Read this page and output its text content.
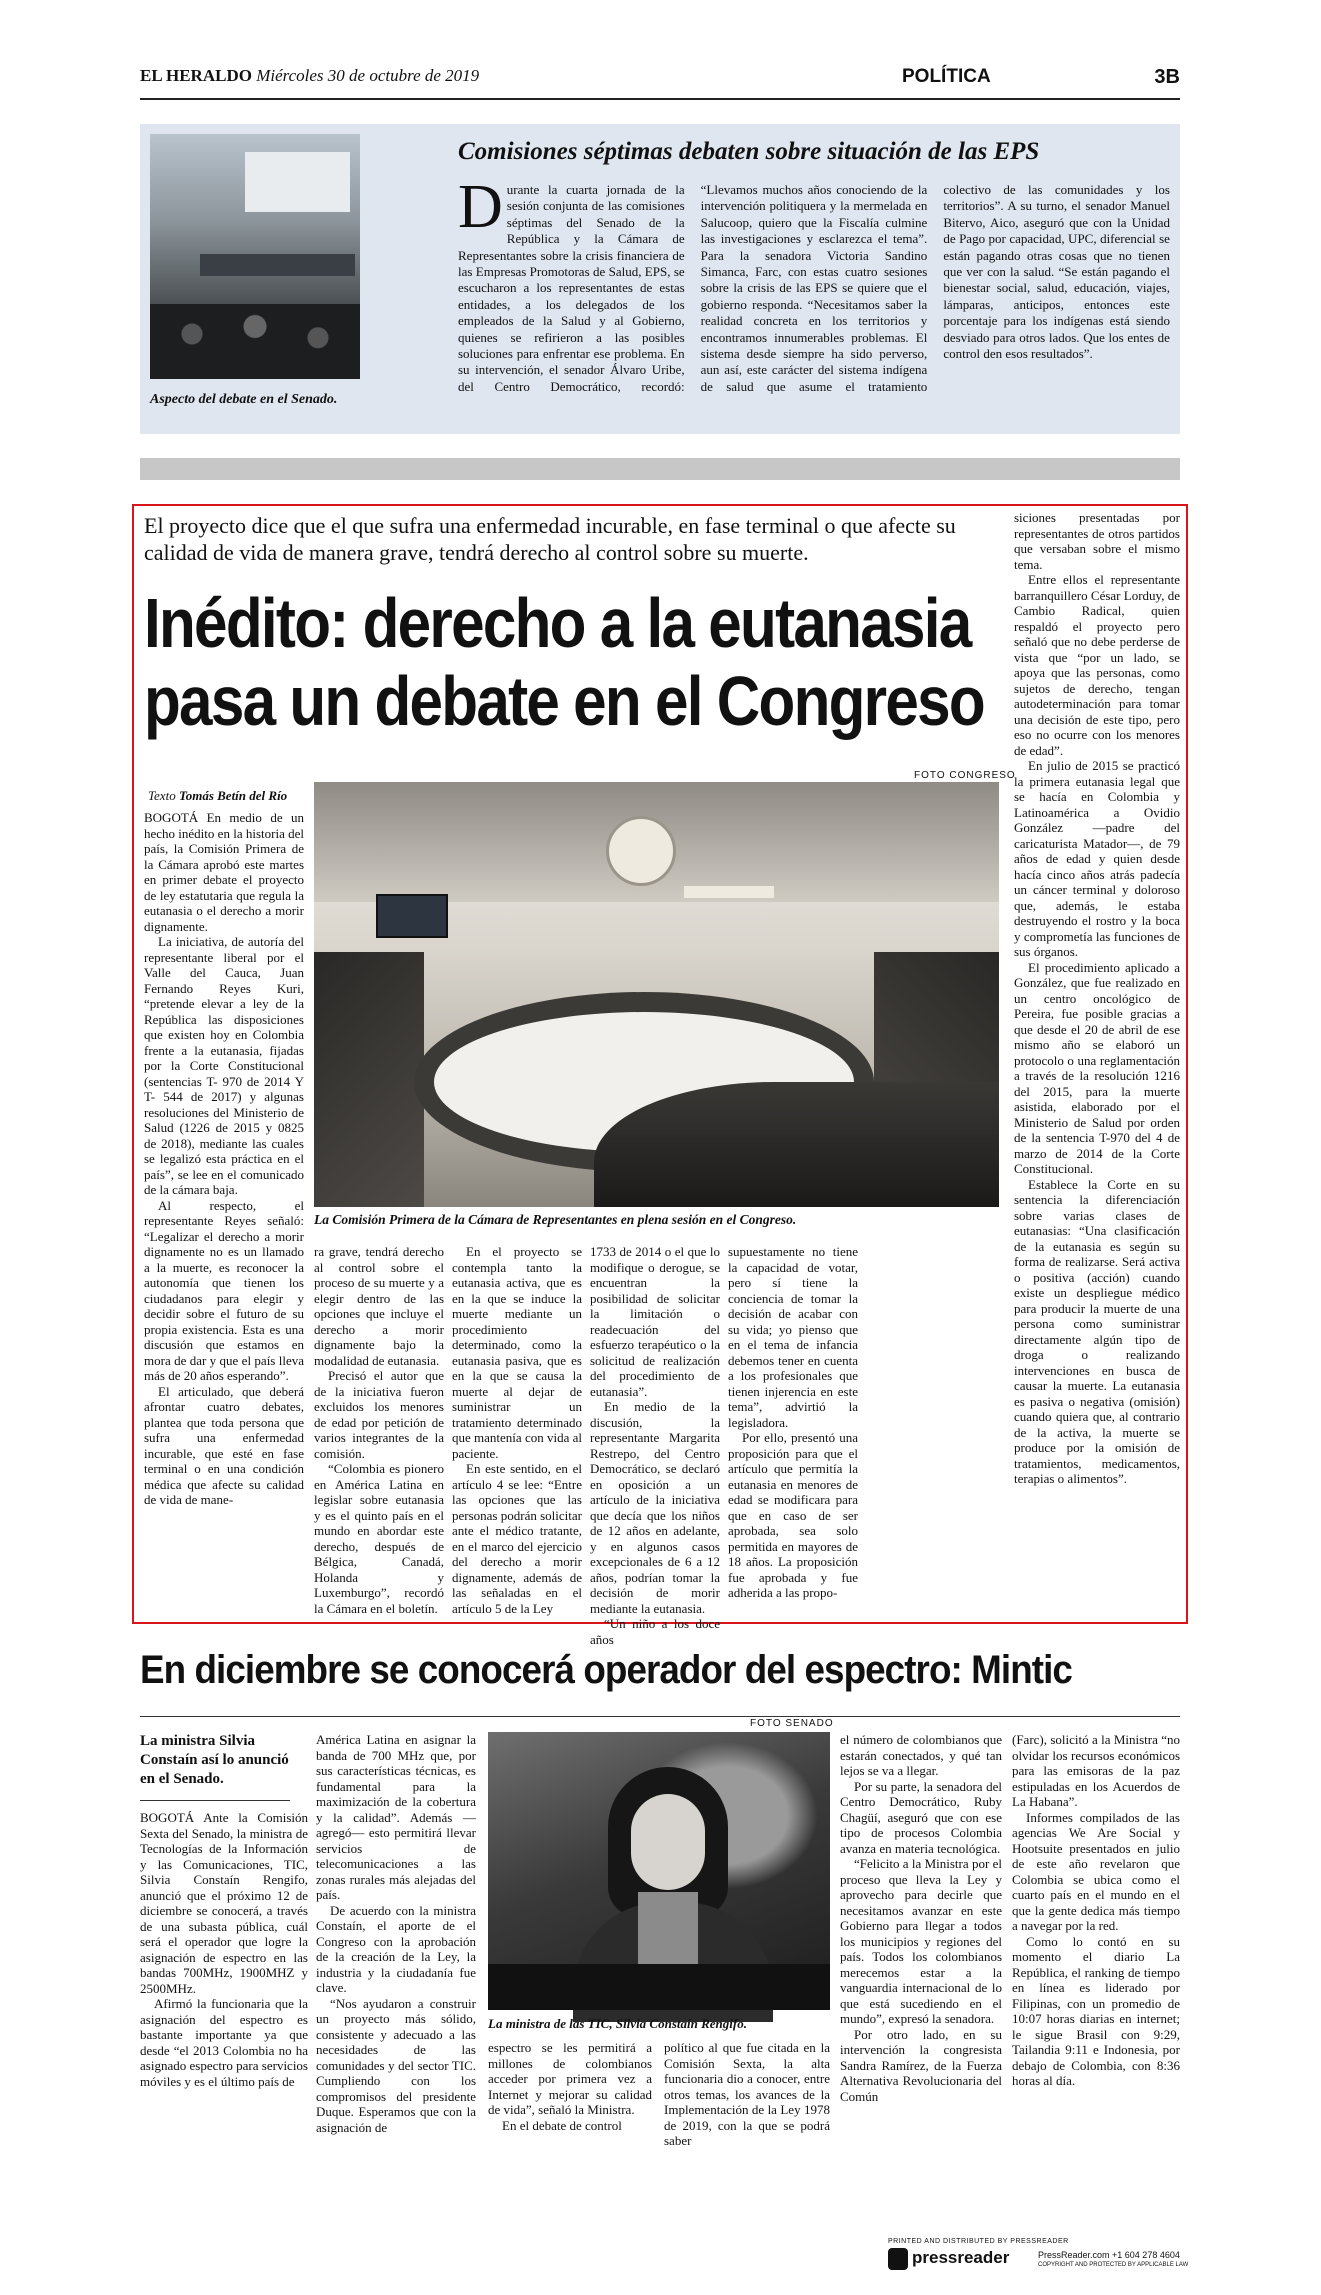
EL HERALDO Miércoles 30 de octubre de 2019	POLÍTICA	3B
Aspecto del debate en el Senado.
Comisiones séptimas debaten sobre situación de las EPS
Durante la cuarta jornada de la sesión conjunta de las comisiones séptimas del Senado de la República y la Cámara de Representantes sobre la crisis financiera de las Empresas Promotoras de Salud, EPS, se escucharon a los representantes de estas entidades, a los delegados de los empleados de la Salud y al Gobierno, quienes se refirieron a las posibles soluciones para enfrentar ese problema. En su intervención, el senador Álvaro Uribe, del Centro Democrático, recordó: “Llevamos muchos años conociendo de la intervención politiquera y la mermelada en Salucoop, quiero que la Fiscalía culmine las investigaciones y esclarezca el tema”. Para la senadora Victoria Sandino Simanca, Farc, con estas cuatro sesiones sobre la crisis de las EPS se quiere que el gobierno responda. “Necesitamos saber la realidad concreta en los territorios y encontramos innumerables problemas. El sistema desde siempre ha sido perverso, aun así, este carácter del sistema indígena de salud que asume el tratamiento colectivo de las comunidades y los territorios”. A su turno, el senador Manuel Bitervo, Aico, aseguró que con la Unidad de Pago por capacidad, UPC, diferencial se están pagando otras cosas que no tienen que ver con la salud. “Se están pagando el bienestar social, salud, educación, viajes, lámparas, anticipos, entonces este porcentaje para los indígenas está siendo desviado para otros lados. Que los entes de control den esos resultados”.
El proyecto dice que el que sufra una enfermedad incurable, en fase terminal o que afecte su calidad de vida de manera grave, tendrá derecho al control sobre su muerte.
Inédito: derecho a la eutanasia
pasa un debate en el Congreso
Texto Tomás Betín del Río
FOTO CONGRESO
La Comisión Primera de la Cámara de Representantes en plena sesión en el Congreso.

BOGOTÁ En medio de un hecho inédito en la historia del país, la Comisión Primera de la Cámara aprobó este martes en primer debate el proyecto de ley estatutaria que regula la eutanasia o el derecho a morir dignamente.

La iniciativa, de autoría del representante liberal por el Valle del Cauca, Juan Fernando Reyes Kuri, “pretende elevar a ley de la República las disposiciones que existen hoy en Colombia frente a la eutanasia, fijadas por la Corte Constitucional (sentencias T- 970 de 2014 Y T- 544 de 2017) y algunas resoluciones del Ministerio de Salud (1226 de 2015 y 0825 de 2018), mediante las cuales se legalizó esta práctica en el país”, se lee en el comunicado de la cámara baja.

Al respecto, el representante Reyes señaló: “Legalizar el derecho a morir dignamente no es un llamado a la muerte, es reconocer la autonomía que tienen los ciudadanos para elegir y decidir sobre el futuro de su propia existencia. Esta es una discusión que estamos en mora de dar y que el país lleva más de 20 años esperando”.

El articulado, que deberá afrontar cuatro debates, plantea que toda persona que sufra una enfermedad incurable, que esté en fase terminal o en una condición médica que afecte su calidad de vida de mane-

ra grave, tendrá derecho al control sobre el proceso de su muerte y a elegir dentro de las opciones que incluye el derecho a morir dignamente bajo la modalidad de eutanasia.

Precisó el autor que de la iniciativa fueron excluidos los menores de edad por petición de varios integrantes de la comisión.

“Colombia es pionero en América Latina en legislar sobre eutanasia y es el quinto país en el mundo en abordar este derecho, después de Bélgica, Canadá, Holanda y Luxemburgo”, recordó la Cámara en el boletín.

En el proyecto se contempla tanto la eutanasia activa, que es en la que se induce la muerte mediante un procedimiento determinado, como la eutanasia pasiva, que es en la que se causa la muerte al dejar de suministrar un tratamiento determinado que mantenía con vida al paciente.

En este sentido, en el artículo 4 se lee: “Entre las opciones que las personas podrán solicitar ante el médico tratante, en el marco del ejercicio del derecho a morir dignamente, además de las señaladas en el artículo 5 de la Ley

1733 de 2014 o el que lo modifique o derogue, se encuentran la posibilidad de solicitar la limitación o readecuación del esfuerzo terapéutico o la solicitud de realización del procedimiento de eutanasia”.

En medio de la discusión, la representante Margarita Restrepo, del Centro Democrático, se declaró en oposición a un artículo de la iniciativa que decía que los niños de 12 años en adelante, y en algunos casos excepcionales de 6 a 12 años, podrían tomar la decisión de morir mediante la eutanasia.

“Un niño a los doce años

supuestamente no tiene la capacidad de votar, pero sí tiene la conciencia de tomar la decisión de acabar con su vida; yo pienso que en el tema de infancia debemos tener en cuenta a los profesionales que tienen injerencia en este tema”, advirtió la legisladora.

Por ello, presentó una proposición para que el artículo que permitía la eutanasia en menores de edad se modificara para que en caso de ser aprobada, sea solo permitida en mayores de 18 años. La proposición fue aprobada y fue adherida a las propo-

siciones presentadas por representantes de otros partidos que versaban sobre el mismo tema.

Entre ellos el representante barranquillero César Lorduy, de Cambio Radical, quien respaldó el proyecto pero señaló que no debe perderse de vista que “por un lado, se apoya que las personas, como sujetos de derecho, tengan autodeterminación para tomar una decisión de este tipo, pero eso no ocurre con los menores de edad”.

En julio de 2015 se practicó la primera eutanasia legal que se hacía en Colombia y Latinoamérica a Ovidio González —padre del caricaturista Matador—, de 79 años de edad y quien desde hacía cinco años atrás padecía un cáncer terminal y doloroso que, además, le estaba destruyendo el rostro y la boca y comprometía las funciones de sus órganos.

El procedimiento aplicado a González, que fue realizado en un centro oncológico de Pereira, fue posible gracias a que desde el 20 de abril de ese mismo año se elaboró un protocolo o una reglamentación a través de la resolución 1216 del 2015, para la muerte asistida, elaborado por el Ministerio de Salud por orden de la sentencia T-970 del 4 de marzo de 2014 de la Corte Constitucional.

Establece la Corte en su sentencia la diferenciación sobre varias clases de eutanasias: “Una clasificación de la eutanasia es según su forma de realizarse. Será activa o positiva (acción) cuando existe un despliegue médico para producir la muerte de una persona como suministrar directamente algún tipo de droga o realizando intervenciones en busca de causar la muerte. La eutanasia es pasiva o negativa (omisión) cuando quiera que, al contrario de la activa, la muerte se produce por la omisión de tratamientos, medicamentos, terapias o alimentos”.

En diciembre se conocerá operador del espectro: Mintic
La ministra Silvia Constaín así lo anunció en el Senado.
FOTO SENADO
La ministra de las TIC, Silvia Constaín Rengifo.

BOGOTÁ Ante la Comisión Sexta del Senado, la ministra de Tecnologías de la Información y las Comunicaciones, TIC, Silvia Constaín Rengifo, anunció que el próximo 12 de diciembre se conocerá, a través de una subasta pública, cuál será el operador que logre la asignación de espectro en las bandas 700MHz, 1900MHZ y 2500MHz.

Afirmó la funcionaria que la asignación del espectro es bastante importante ya que desde “el 2013 Colombia no ha asignado espectro para servicios móviles y es el último país de

América Latina en asignar la banda de 700 MHz que, por sus características técnicas, es fundamental para la maximización de la cobertura y la calidad”. Además —agregó— esto permitirá llevar servicios de telecomunicaciones a las zonas rurales más alejadas del país.

De acuerdo con la ministra Constaín, el aporte de el Congreso con la aprobación de la creación de la Ley, la industria y la ciudadanía fue clave.

“Nos ayudaron a construir un proyecto más sólido, consistente y adecuado a las necesidades de las comunidades y del sector TIC. Cumpliendo con los compromisos del presidente Duque. Esperamos que con la asignación de

espectro se les permitirá a millones de colombianos acceder por primera vez a Internet y mejorar su calidad de vida”, señaló la Ministra.

En el debate de control

político al que fue citada en la Comisión Sexta, la alta funcionaria dio a conocer, entre otros temas, los avances de la Implementación de la Ley 1978 de 2019, con la que se podrá saber

el número de colombianos que estarán conectados, y qué tan lejos se va a llegar.

Por su parte, la senadora del Centro Democrático, Ruby Chagüí, aseguró que con ese tipo de procesos Colombia avanza en materia tecnológica.

“Felicito a la Ministra por el proceso que lleva la Ley y aprovecho para decirle que necesitamos avanzar en este Gobierno para llegar a todos los municipios y regiones del país. Todos los colombianos merecemos estar a la vanguardia internacional de lo que está sucediendo en el mundo”, expresó la senadora.

Por otro lado, en su intervención la congresista Sandra Ramírez, de la Fuerza Alternativa Revolucionaria del Común

(Farc), solicitó a la Ministra “no olvidar los recursos económicos para las emisoras de la paz estipuladas en los Acuerdos de La Habana”.

Informes compilados de las agencias We Are Social y Hootsuite presentados en julio de este año revelaron que Colombia se ubica como el cuarto país en el mundo en el que la gente dedica más tiempo a navegar por la red.

Como lo contó en su momento el diario La República, el ranking de tiempo en línea es liderado por Filipinas, con un promedio de 10:07 horas diarias en internet; le sigue Brasil con 9:29, Tailandia 9:11 e Indonesia, por debajo de Colombia, con 8:36 horas al día.

PRINTED AND DISTRIBUTED BY PRESSREADER
pressreader	PressReader.com +1 604 278 4604
COPYRIGHT AND PROTECTED BY APPLICABLE LAW
